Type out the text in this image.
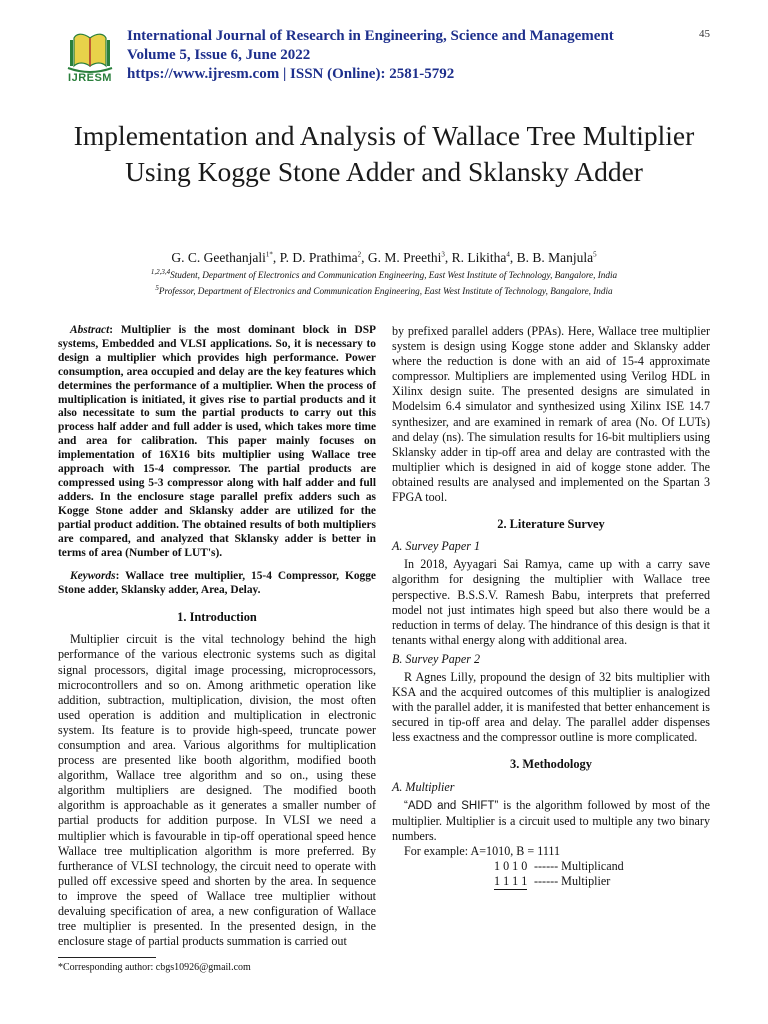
IJRESM
International Journal of Research in Engineering, Science and Management
Volume 5, Issue 6, June 2022
https://www.ijresm.com | ISSN (Online): 2581-5792
45
Implementation and Analysis of Wallace Tree Multiplier Using Kogge Stone Adder and Sklansky Adder
G. C. Geethanjali$^{1*}$, P. D. Prathima$^2$, G. M. Preethi$^3$, R. Likitha$^4$, B. B. Manjula$^5$
$^{1,2,3,4}$Student, Department of Electronics and Communication Engineering, East West Institute of Technology, Bangalore, India
$^5$Professor, Department of Electronics and Communication Engineering, East West Institute of Technology, Bangalore, India

Abstract: Multiplier is the most dominant block in DSP systems, Embedded and VLSI applications. So, it is necessary to design a multiplier which provides high performance. Power consumption, area occupied and delay are the key features which determines the performance of a multiplier. When the process of multiplication is initiated, it gives rise to partial products and it also necessitate to sum the partial products to carry out this process half adder and full adder is used, which takes more time and area for calibration. This paper mainly focuses on implementation of 16X16 bits multiplier using Wallace tree approach with 15-4 compressor. The partial products are compressed using 5-3 compressor along with half adder and full adders. In the enclosure stage parallel prefix adders such as Kogge Stone adder and Sklansky adder are utilized for the partial product addition. The obtained results of both multipliers are compared, and analyzed that Sklansky adder is better in terms of area (Number of LUT's).

Keywords: Wallace tree multiplier, 15-4 Compressor, Kogge Stone adder, Sklansky adder, Area, Delay.

1. Introduction

Multiplier circuit is the vital technology behind the high performance of the various electronic systems such as digital signal processors, digital image processing, microprocessors, microcontrollers and so on. Among arithmetic operation like addition, subtraction, multiplication, division, the most often used operation is addition and multiplication in electronic system. Its feature is to provide high-speed, truncate power consumption and area. Various algorithms for multiplication process are presented like booth algorithm, modified booth algorithm, Wallace tree algorithm and so on., using these algorithm multipliers are designed. The modified booth algorithm is approachable as it generates a smaller number of partial products for addition purpose. In VLSI we need a multiplier which is favourable in tip-off operational speed hence Wallace tree multiplication algorithm is more preferred. By furtherance of VLSI technology, the circuit need to operate with pulled off excessive speed and shorten by the area. In sequence to improve the speed of Wallace tree multiplier without devaluing specification of area, a new configuration of Wallace tree multiplier is presented. In the presented design, in the enclosure stage of partial products summation is carried out

by prefixed parallel adders (PPAs). Here, Wallace tree multiplier system is design using Kogge stone adder and Sklansky adder where the reduction is done with an aid of 15-4 approximate compressor. Multipliers are implemented using Verilog HDL in Xilinx design suite. The presented designs are simulated in Modelsim 6.4 simulator and synthesized using Xilinx ISE 14.7 synthesizer, and are examined in remark of area (No. Of LUTs) and delay (ns). The simulation results for 16-bit multipliers using Sklansky adder in tip-off area and delay are contrasted with the multiplier which is designed in aid of kogge stone adder. The obtained results are analysed and implemented on the Spartan 3 FPGA tool.

2. Literature Survey

A. Survey Paper 1

In 2018, Ayyagari Sai Ramya, came up with a carry save algorithm for designing the multiplier with Wallace tree perspective. B.S.S.V. Ramesh Babu, interprets that preferred model not just intimates high speed but also there would be a reduction in terms of delay. The hindrance of this design is that it tenants withal energy along with additional area.

B. Survey Paper 2

R Agnes Lilly, propound the design of 32 bits multiplier with KSA and the acquired outcomes of this multiplier is analogized with the parallel adder, it is manifested that better enhancement is secured in tip-off area and delay. The parallel adder dispenses less exactness and the compressor outline is more complicated.

3. Methodology

A. Multiplier

“ADD and SHIFT” is the algorithm followed by most of the multiplier. Multiplier is a circuit used to multiple any two binary numbers.

For example: A=1010, B = 1111

1 0 1 0 ------ Multiplicand

1 1 1 1 ------ Multiplier

*Corresponding author: cbgs10926@gmail.com
